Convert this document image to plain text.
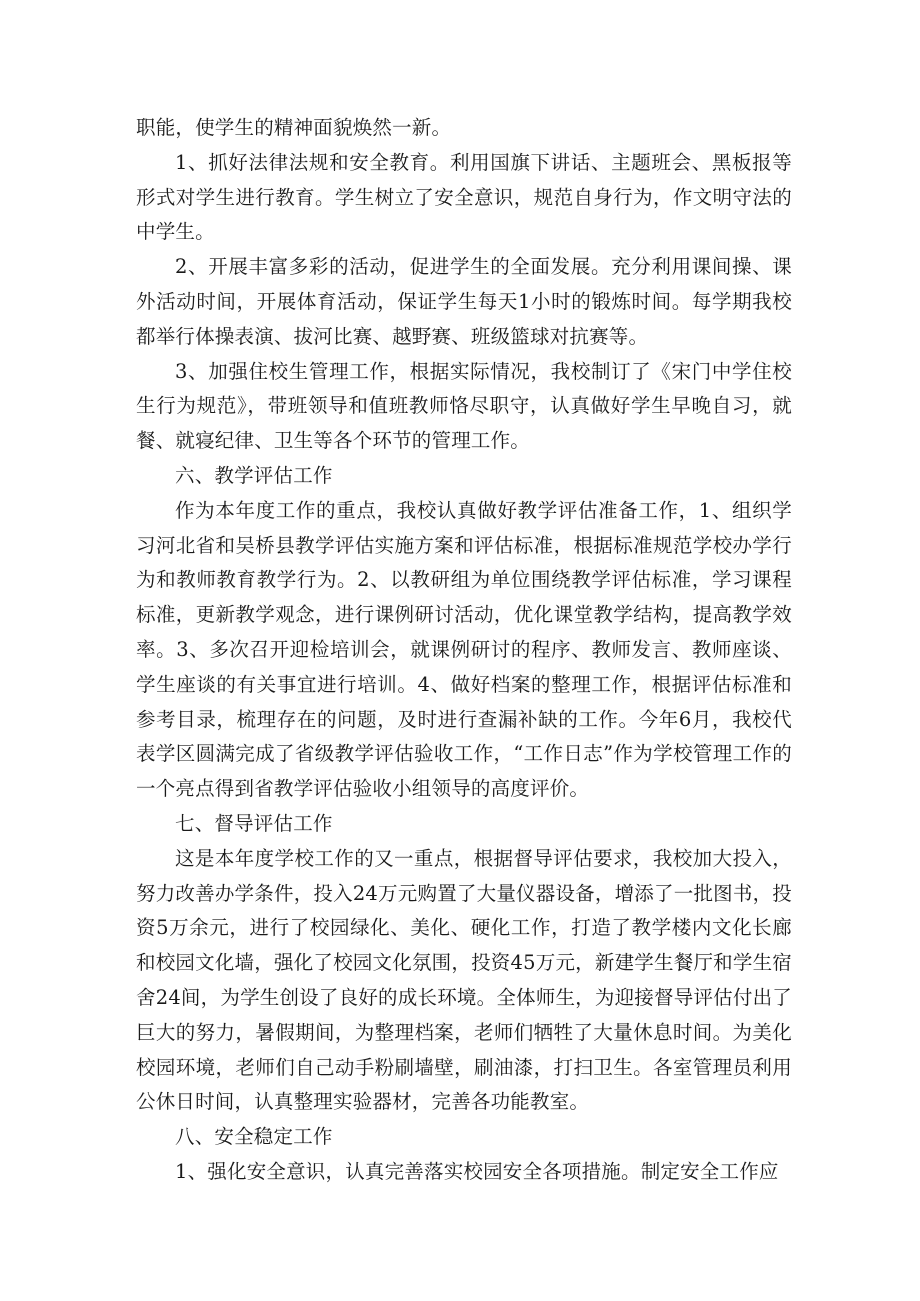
职能，使学生的精神面貌焕然一新。

1、抓好法律法规和安全教育。利用国旗下讲话、主题班会、黑板报等形式对学生进行教育。学生树立了安全意识，规范自身行为，作文明守法的中学生。

2、开展丰富多彩的活动，促进学生的全面发展。充分利用课间操、课外活动时间，开展体育活动，保证学生每天1小时的锻炼时间。每学期我校都举行体操表演、拔河比赛、越野赛、班级篮球对抗赛等。

3、加强住校生管理工作，根据实际情况，我校制订了《宋门中学住校生行为规范》，带班领导和值班教师恪尽职守，认真做好学生早晚自习，就餐、就寝纪律、卫生等各个环节的管理工作。

六、教学评估工作

作为本年度工作的重点，我校认真做好教学评估准备工作，1、组织学习河北省和吴桥县教学评估实施方案和评估标准，根据标准规范学校办学行为和教师教育教学行为。2、以教研组为单位围绕教学评估标准，学习课程标准，更新教学观念，进行课例研讨活动，优化课堂教学结构，提高教学效率。3、多次召开迎检培训会，就课例研讨的程序、教师发言、教师座谈、学生座谈的有关事宜进行培训。4、做好档案的整理工作，根据评估标准和参考目录，梳理存在的问题，及时进行查漏补缺的工作。今年6月，我校代表学区圆满完成了省级教学评估验收工作，“工作日志”作为学校管理工作的一个亮点得到省教学评估验收小组领导的高度评价。

七、督导评估工作

这是本年度学校工作的又一重点，根据督导评估要求，我校加大投入，努力改善办学条件，投入24万元购置了大量仪器设备，增添了一批图书，投资5万余元，进行了校园绿化、美化、硬化工作，打造了教学楼内文化长廊和校园文化墙，强化了校园文化氛围，投资45万元，新建学生餐厅和学生宿舍24间，为学生创设了良好的成长环境。全体师生，为迎接督导评估付出了巨大的努力，暑假期间，为整理档案，老师们牺牲了大量休息时间。为美化校园环境，老师们自己动手粉刷墙壁，刷油漆，打扫卫生。各室管理员利用公休日时间，认真整理实验器材，完善各功能教室。

八、安全稳定工作

1、强化安全意识，认真完善落实校园安全各项措施。制定安全工作应
